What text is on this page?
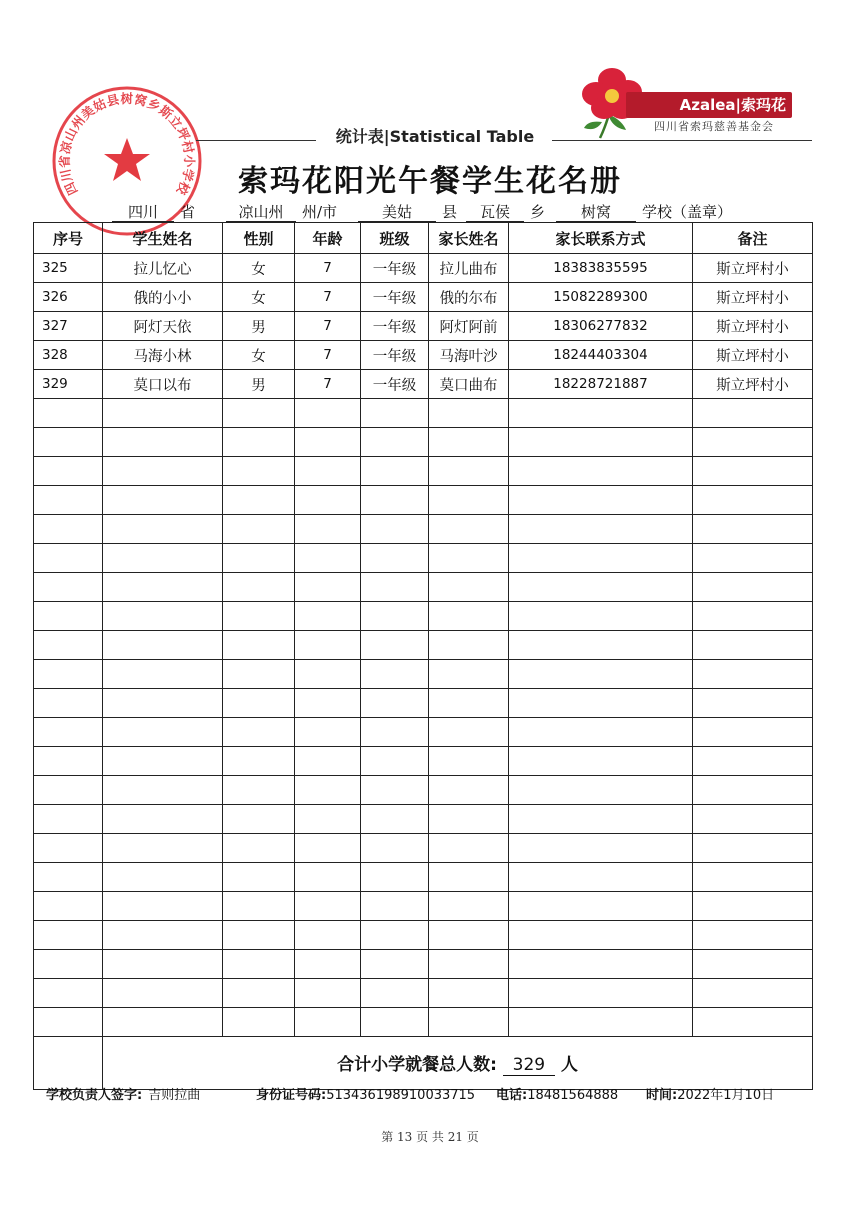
四川省凉山州美姑县树窝乡斯立坪村小学校
Azalea|索玛花
四川省索玛慈善基金会
统计表|Statistical Table
索玛花阳光午餐学生花名册
四川 省	凉山州 州/市	美姑 县	瓦侯 乡	树窝 学校（盖章）
序号	学生姓名	性别	年龄	班级	家长姓名	家长联系方式	备注
325	拉儿忆心	女	7	一年级	拉儿曲布	18383835595	斯立坪村小
326	俄的小小	女	7	一年级	俄的尔布	15082289300	斯立坪村小
327	阿灯天依	男	7	一年级	阿灯阿前	18306277832	斯立坪村小
328	马海小林	女	7	一年级	马海叶沙	18244403304	斯立坪村小
329	莫口以布	男	7	一年级	莫口曲布	18228721887	斯立坪村小

	合计小学就餐总人数: 329 人						
学校负责人签字: 吉则拉曲	身份证号码:513436198910033715 电话:18481564888 时间:2022年1月10日
第 13 页 共 21 页
